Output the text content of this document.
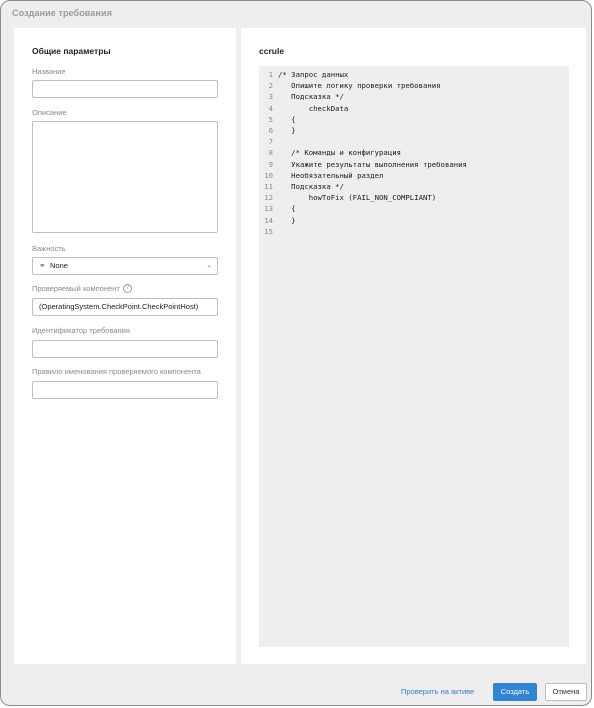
Создание требования
Общие параметры
Название
Описание
Важность
⚭ None	⌄
Проверяемый компонент ?
(OperatingSystem.CheckPoint.CheckPointHost)
Идентификатор требования
Правило именования проверяемого компонента
ccrule
1 /* Запрос данных
2   Опишите логику проверки требования
3   Подсказка */
4       checkData
5   {
6   }
7
8   /* Команды и конфигурация
9   Укажите результаты выполнения требования
10   Необязательный раздел
11   Подсказка */
12       howToFix (FAIL_NON_COMPLIANT)
13   {
14   }
15
Проверить на активе	Создать	Отмена
